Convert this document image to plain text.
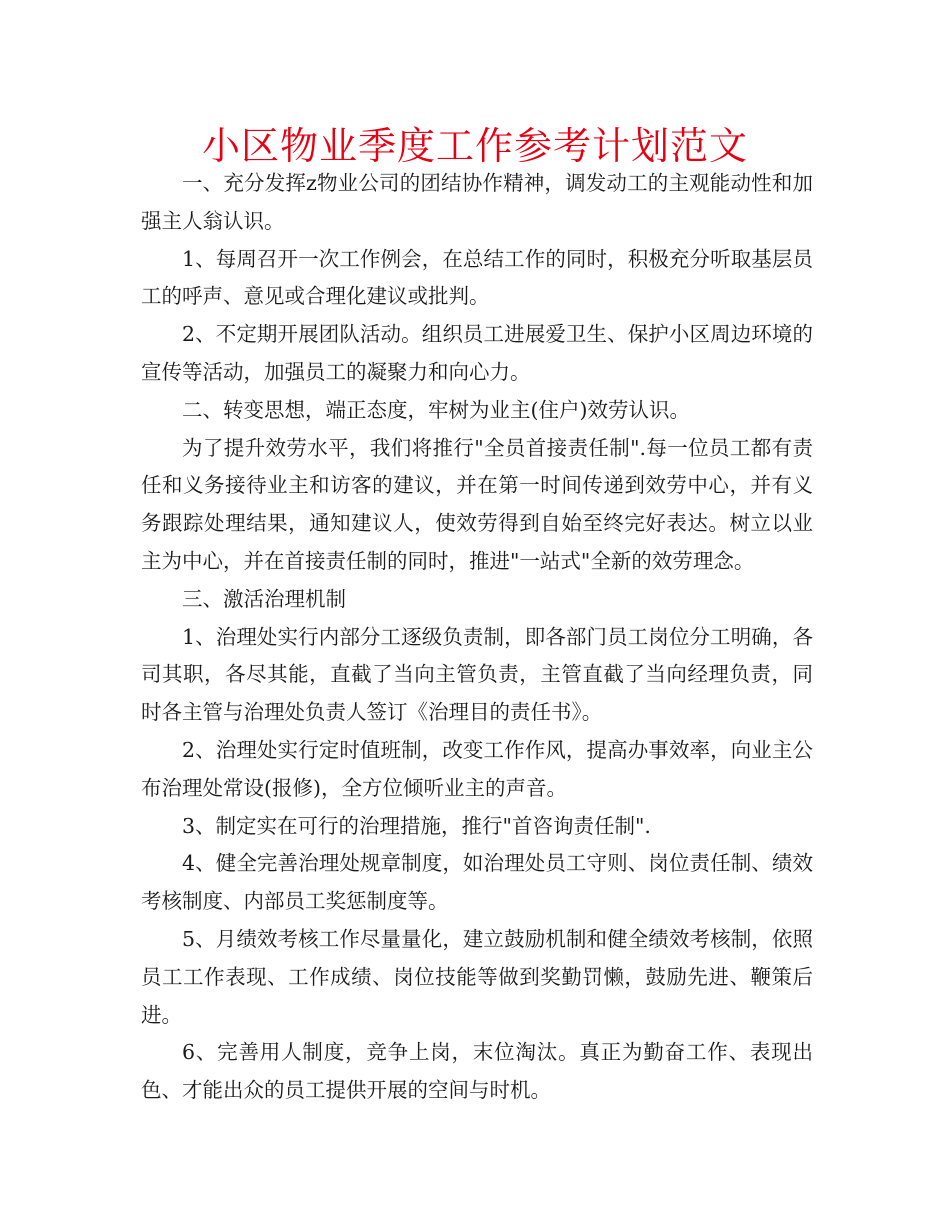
小区物业季度工作参考计划范文

一、充分发挥z物业公司的团结协作精神，调发动工的主观能动性和加强主人翁认识。

1、每周召开一次工作例会，在总结工作的同时，积极充分听取基层员工的呼声、意见或合理化建议或批判。

2、不定期开展团队活动。组织员工进展爱卫生、保护小区周边环境的宣传等活动，加强员工的凝聚力和向心力。

二、转变思想，端正态度，牢树为业主(住户)效劳认识。

为了提升效劳水平，我们将推行"全员首接责任制".每一位员工都有责任和义务接待业主和访客的建议，并在第一时间传递到效劳中心，并有义务跟踪处理结果，通知建议人，使效劳得到自始至终完好表达。树立以业主为中心，并在首接责任制的同时，推进"一站式"全新的效劳理念。

三、激活治理机制

1、治理处实行内部分工逐级负责制，即各部门员工岗位分工明确，各司其职，各尽其能，直截了当向主管负责，主管直截了当向经理负责，同时各主管与治理处负责人签订《治理目的责任书》。

2、治理处实行定时值班制，改变工作作风，提高办事效率，向业主公布治理处常设(报修)，全方位倾听业主的声音。

3、制定实在可行的治理措施，推行"首咨询责任制".

4、健全完善治理处规章制度，如治理处员工守则、岗位责任制、绩效考核制度、内部员工奖惩制度等。

5、月绩效考核工作尽量量化，建立鼓励机制和健全绩效考核制，依照员工工作表现、工作成绩、岗位技能等做到奖勤罚懒，鼓励先进、鞭策后进。

6、完善用人制度，竞争上岗，末位淘汰。真正为勤奋工作、表现出色、才能出众的员工提供开展的空间与时机。
